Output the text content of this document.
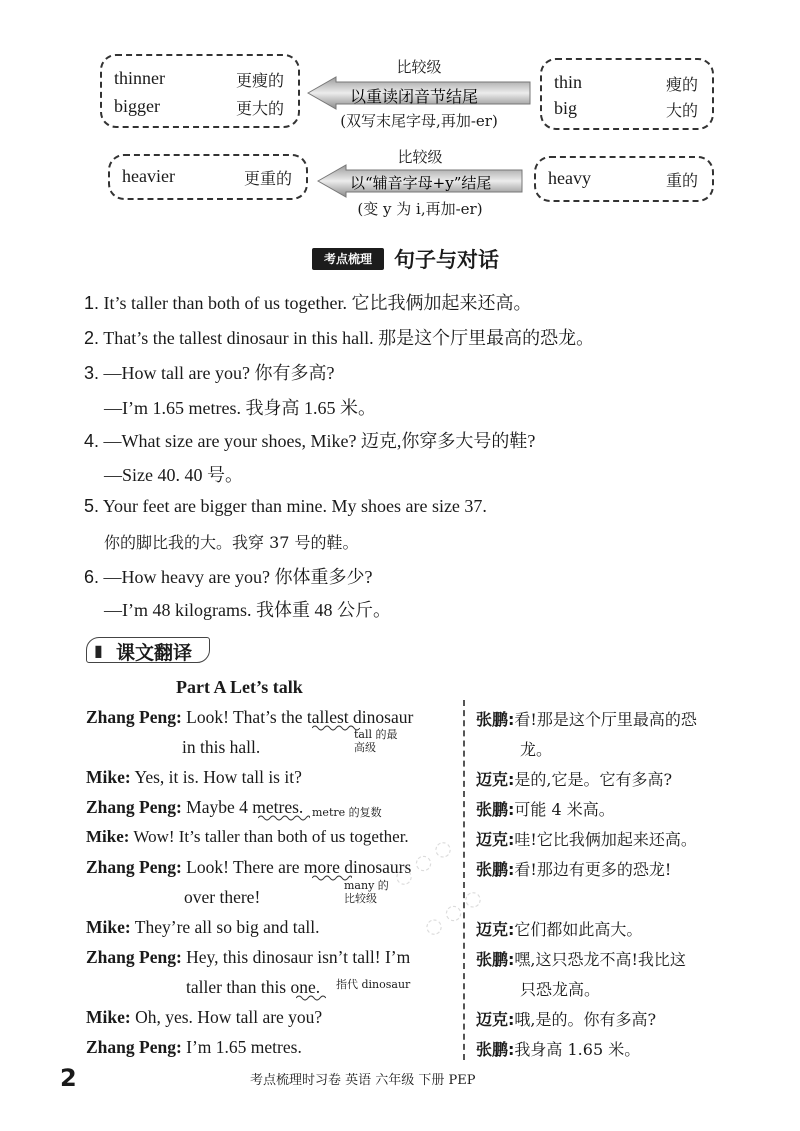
thinner	更瘦的
bigger	更大的
比较级
以重读闭音节结尾
(双写末尾字母,再加-er)
thin	瘦的
big	大的
heavier	更重的
比较级
以“辅音字母+y”结尾
(变 y 为 i,再加-er)
heavy	重的
考点梳理	句子与对话
1. It’s taller than both of us together. 它比我俩加起来还高。
2. That’s the tallest dinosaur in this hall. 那是这个厅里最高的恐龙。
3. —How tall are you? 你有多高?
—I’m 1.65 metres. 我身高 1.65 米。
4. —What size are your shoes, Mike? 迈克,你穿多大号的鞋?
—Size 40. 40 号。
5. Your feet are bigger than mine. My shoes are size 37.
你的脚比我的大。我穿 37 号的鞋。
6. —How heavy are you? 你体重多少?
—I’m 48 kilograms. 我体重 48 公斤。
▮ 课文翻译
Part A Let’s talk
Zhang Peng: Look! That’s the tallest dinosaur
in this hall.
Mike: Yes, it is. How tall is it?
Zhang Peng: Maybe 4 metres.
Mike: Wow! It’s taller than both of us together.
Zhang Peng: Look! There are more dinosaurs
over there!
Mike: They’re all so big and tall.
Zhang Peng: Hey, this dinosaur isn’t tall! I’m
taller than this one.
Mike: Oh, yes. How tall are you?
Zhang Peng: I’m 1.65 metres.
tall 的最
高级
metre 的复数
many 的
比较级
指代 dinosaur
张鹏:看!那是这个厅里最高的恐
龙。
迈克:是的,它是。它有多高?
张鹏:可能 4 米高。
迈克:哇!它比我俩加起来还高。
张鹏:看!那边有更多的恐龙!
迈克:它们都如此高大。
张鹏:嘿,这只恐龙不高!我比这
只恐龙高。
迈克:哦,是的。你有多高?
张鹏:我身高 1.65 米。
◌ ◌ ◌
◌ ◌ ◌
2	考点梳理时习卷 英语 六年级 下册 PEP
